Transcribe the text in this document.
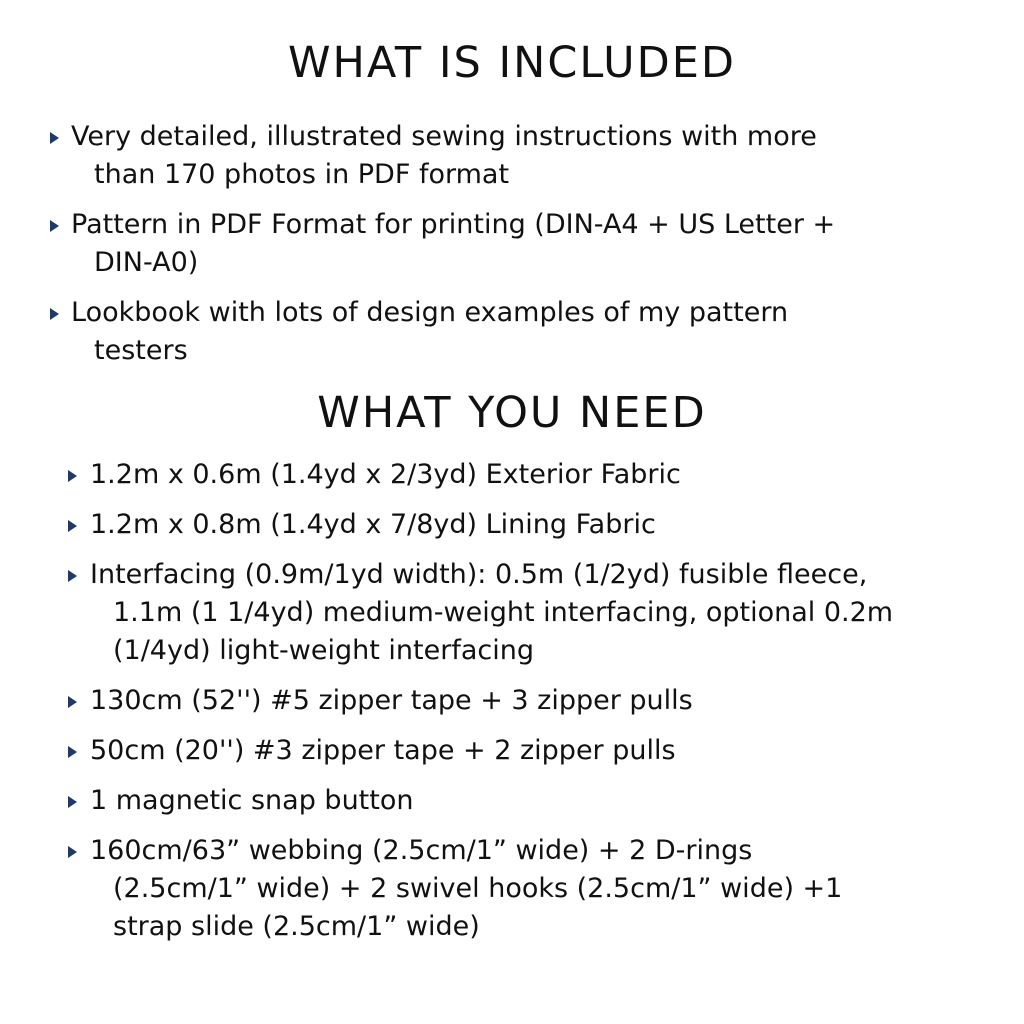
WHAT IS INCLUDED
Very detailed, illustrated sewing instructions with more
than 170 photos in PDF format
Pattern in PDF Format for printing (DIN-A4 + US Letter +
DIN-A0)
Lookbook with lots of design examples of my pattern
testers
WHAT YOU NEED
1.2m x 0.6m (1.4yd x 2/3yd) Exterior Fabric
1.2m x 0.8m (1.4yd x 7/8yd) Lining Fabric
Interfacing (0.9m/1yd width): 0.5m (1/2yd) fusible fleece,
1.1m (1 1/4yd) medium-weight interfacing, optional 0.2m
(1/4yd) light-weight interfacing
130cm (52'') #5 zipper tape + 3 zipper pulls
50cm (20'') #3 zipper tape + 2 zipper pulls
1 magnetic snap button
160cm/63” webbing (2.5cm/1” wide) + 2 D-rings
(2.5cm/1” wide) + 2 swivel hooks (2.5cm/1” wide) +1
strap slide (2.5cm/1” wide)
